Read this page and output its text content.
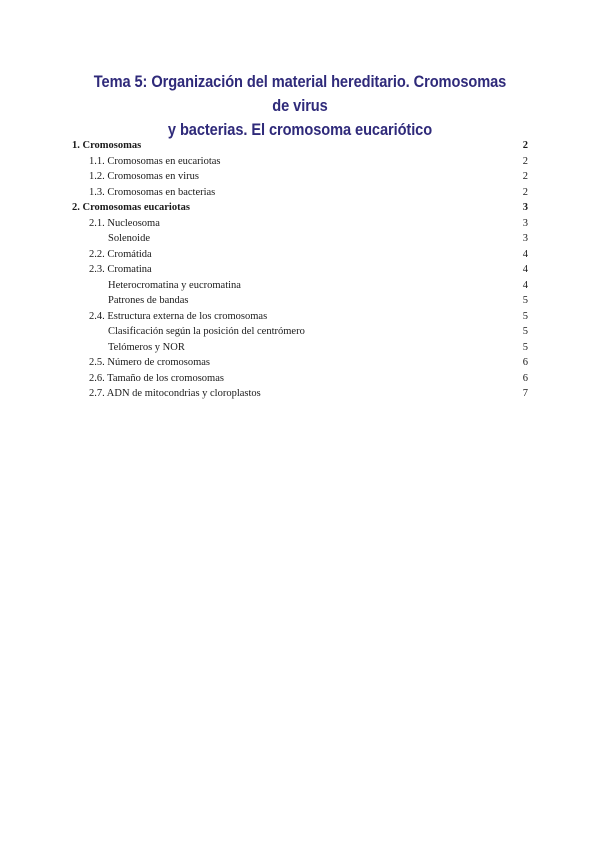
Tema 5: Organización del material hereditario. Cromosomas de virus
y bacterias. El cromosoma eucariótico
1. Cromosomas	2
1.1. Cromosomas en eucariotas	2
1.2. Cromosomas en virus	2
1.3. Cromosomas en bacterias	2
2. Cromosomas eucariotas	3
2.1. Nucleosoma	3
Solenoide	3
2.2. Cromátida	4
2.3. Cromatina	4
Heterocromatina y eucromatina	4
Patrones de bandas	5
2.4. Estructura externa de los cromosomas	5
Clasificación según la posición del centrómero	5
Telómeros y NOR	5
2.5. Número de cromosomas	6
2.6. Tamaño de los cromosomas	6
2.7. ADN de mitocondrias y cloroplastos	7
